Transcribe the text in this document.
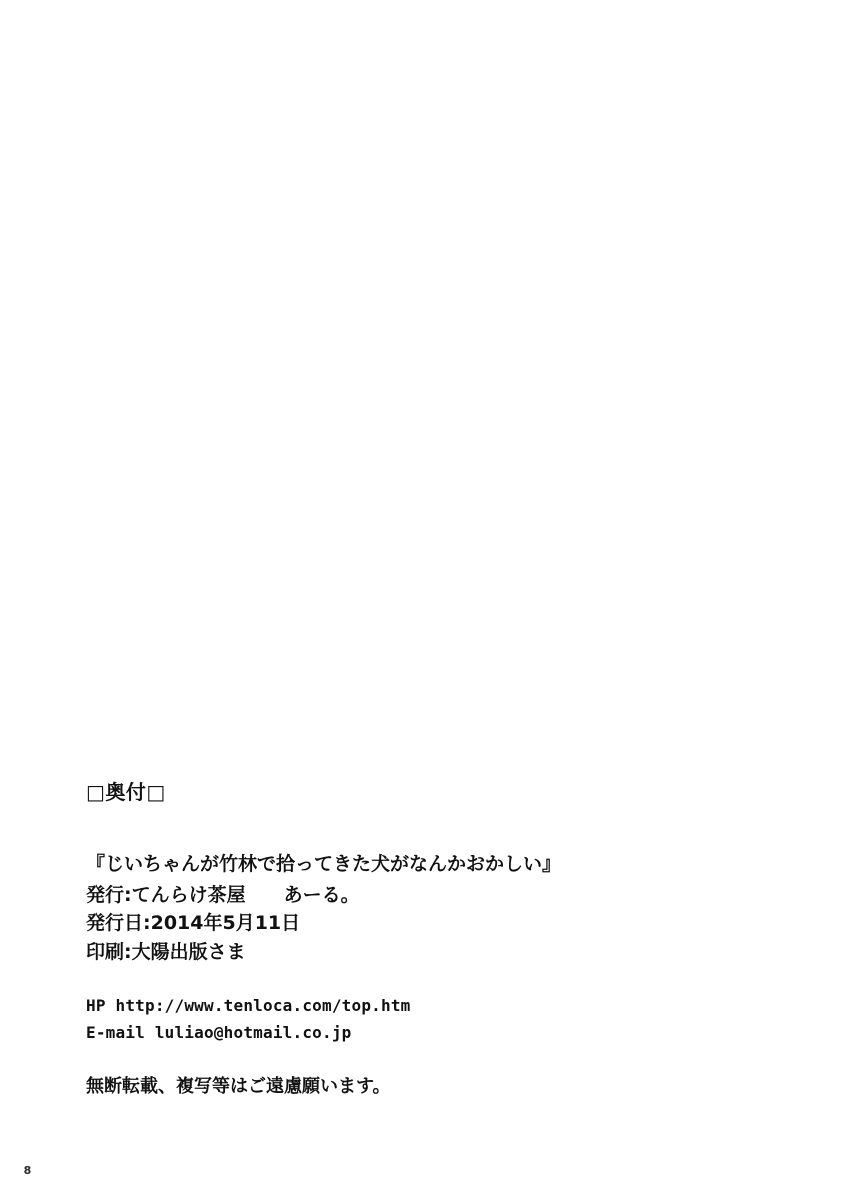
□奥付□
『じいちゃんが竹林で拾ってきた犬がなんかおかしい』
発行:てんらけ茶屋　　あーる。
発行日:2014年5月11日
印刷:大陽出版さま
HP http://www.tenloca.com/top.htm
E-mail luliao@hotmail.co.jp
無断転載、複写等はご遠慮願います。
8
